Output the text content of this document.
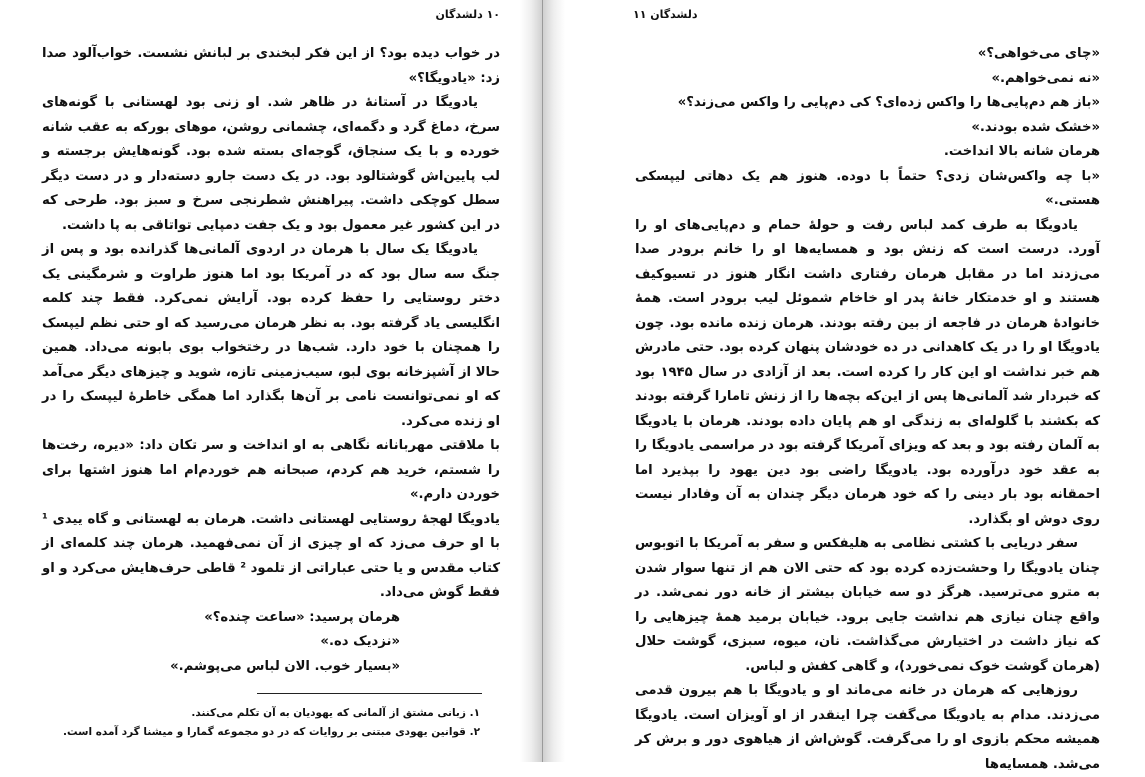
۱۰ دلشدگان

در خواب دیده بود؟ از این فکر لبخندی بر لبانش نشست. خواب‌آلود صدا زد: «یادویگا؟»

یادویگا در آستانهٔ در ظاهر شد. او زنی بود لهستانی با گونه‌های سرخ، دماغ گرد و دگمه‌ای، چشمانی روشن، موهای بورکه به عقب شانه خورده و با یک سنجاق، گوجه‌ای بسته شده بود. گونه‌هایش برجسته و لب پایین‌اش گوشتالود بود. در یک دست جارو دسته‌دار و در دست دیگر سطل کوچکی داشت. پیراهنش شطرنجی سرخ و سبز بود. طرحی که در این کشور غیر معمول بود و یک جفت دمپایی تواتاقی به پا داشت.

یادویگا یک سال با هرمان در اردوی آلمانی‌ها گذرانده بود و پس از جنگ سه سال بود که در آمریکا بود اما هنوز طراوت و شرمگینی یک دختر روستایی را حفظ کرده بود. آرایش نمی‌کرد. فقط چند کلمه انگلیسی یاد گرفته بود. به نظر هرمان می‌رسید که او حتی نظم لیپسک را همچنان با خود دارد. شب‌ها در رختخواب بوی بابونه می‌داد. همین حالا از آشپزخانه بوی لبو، سیب‌زمینی تازه، شوید و چیزهای دیگر می‌آمد که او نمی‌توانست نامی بر آن‌ها بگذارد اما همگی خاطرهٔ لیپسک را در او زنده می‌کرد.

با ملاقتی مهربانانه نگاهی به او انداخت و سر تکان داد: «دیره، رخت‌ها را شستم، خرید هم کردم، صبحانه هم خوردم‌ام اما هنوز اشتها برای خوردن دارم.»

یادویگا لهجهٔ روستایی لهستانی داشت. هرمان به لهستانی و گاه ییدی ¹ با او حرف می‌زد که او چیزی از آن نمی‌فهمید. هرمان چند کلمه‌ای از کتاب مقدس و یا حتی عباراتی از تلمود ² قاطی حرف‌هایش می‌کرد و او فقط گوش می‌داد.

هرمان پرسید: «ساعت چنده؟»

«نزدیک ده.»

«بسیار خوب. الان لباس می‌پوشم.»

۱. زبانی مشتق از آلمانی که یهودیان به آن تکلم می‌کنند.

۲. قوانین یهودی مبتنی بر روایات که در دو مجموعه گمارا و میشنا گرد آمده است.

دلشدگان ۱۱

«چای می‌خواهی؟»

«نه نمی‌خواهم.»

«باز هم دم‌پایی‌ها را واکس زده‌ای؟ کی دم‌پایی را واکس می‌زند؟»

«خشک شده بودند.»

هرمان شانه بالا انداخت.

«با چه واکس‌شان زدی؟ حتماً با دوده. هنوز هم یک دهاتی لیپسکی هستی.»

یادویگا به طرف کمد لباس رفت و حولهٔ حمام و دم‌پایی‌های او را آورد. درست است که زنش بود و همسایه‌ها او را خانم برودر صدا می‌زدند اما در مقابل هرمان رفتاری داشت انگار هنوز در تسیوکیف هستند و او خدمتکار خانهٔ پدر او خاخام شموئل لیب برودر است. همهٔ خانوادهٔ هرمان در فاجعه از بین رفته بودند. هرمان زنده مانده بود. چون یادویگا او را در یک کاهدانی در ده خودشان پنهان کرده بود. حتی مادرش هم خبر نداشت او این کار را کرده است. بعد از آزادی در سال ۱۹۴۵ بود که خبردار شد آلمانی‌ها پس از این‌که بچه‌ها را از زنش تامارا گرفته بودند که بکشند با گلوله‌ای به زندگی او هم پایان داده بودند. هرمان با یادویگا به آلمان رفته بود و بعد که ویزای آمریکا گرفته بود در مراسمی یادویگا را به عقد خود درآورده بود. یادویگا راضی بود دین یهود را بپذیرد اما احمقانه بود بار دینی را که خود هرمان دیگر چندان به آن وفادار نیست روی دوش او بگذارد.

سفر دریایی با کشتی نظامی به هلیفکس و سفر به آمریکا با اتوبوس چنان یادویگا را وحشت‌زده کرده بود که حتی الان هم از تنها سوار شدن به مترو می‌ترسید. هرگز دو سه خیابان بیشتر از خانه دور نمی‌شد. در واقع چنان نیازی هم نداشت جایی برود. خیابان برمید همهٔ چیزهایی را که نیاز داشت در اختیارش می‌گذاشت. نان، میوه، سبزی، گوشت حلال (هرمان گوشت خوک نمی‌خورد)، و گاهی کفش و لباس.

روزهایی که هرمان در خانه می‌ماند او و یادویگا با هم بیرون قدمی می‌زدند. مدام به یادویگا می‌گفت چرا اینقدر از او آویزان است. یادویگا همیشه محکم بازوی او را می‌گرفت. گوش‌اش از هیاهوی دور و برش کر می‌شد. همسایه‌ها
